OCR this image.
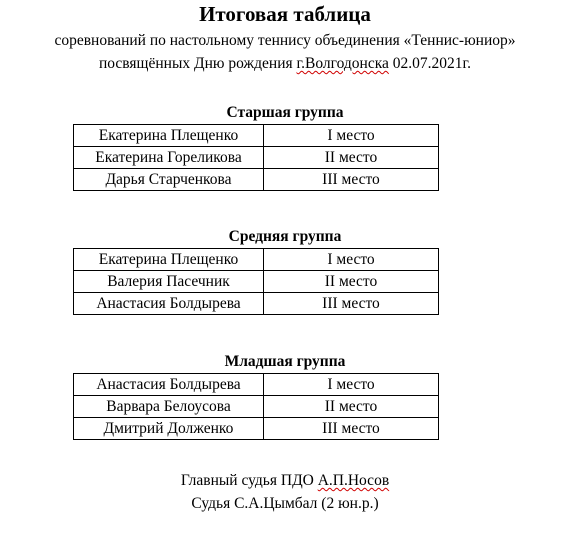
Итоговая таблица
соревнований по настольному теннису объединения «Теннис-юниор»
посвящённых Дню рождения г.Волгодонска 02.07.2021г.
Старшая группа
Екатерина Плещенко	I место
Екатерина Гореликова	II место
Дарья Старченкова	III место
Средняя группа
Екатерина Плещенко	I место
Валерия Пасечник	II место
Анастасия Болдырева	III место
Младшая группа
Анастасия Болдырева	I место
Варвара Белоусова	II место
Дмитрий Долженко	III место
Главный судья ПДО А.П.Носов
Судья С.А.Цымбал (2 юн.р.)
